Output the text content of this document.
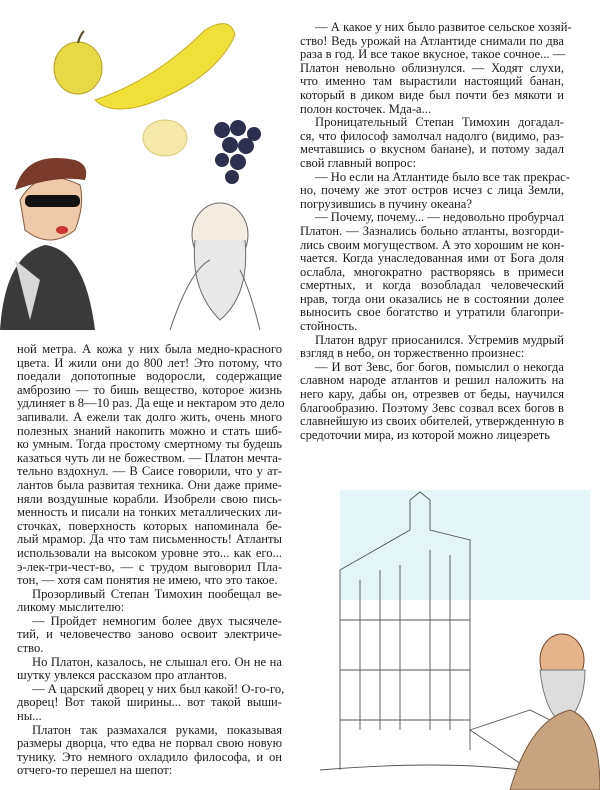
ной метра. А кожа у них была медно-красного
цвета. И жили они до 800 лет! Это потому, что
поедали допотопные водоросли, содержащие
амброзию — то бишь вещество, которое жизнь
удлиняет в 8—10 раз. Да еще и нектаром это дело
запивали. А ежели так долго жить, очень много
полезных знаний накопить можно и стать шиб-
ко умным. Тогда простому смертному ты будешь
казаться чуть ли не божеством. — Платон мечта-
тельно вздохнул. — В Саисе говорили, что у ат-
лантов была развитая техника. Они даже приме-
няли воздушные корабли. Изобрели свою пись-
менность и писали на тонких металлических ли-
сточках, поверхность которых напоминала бе-
лый мрамор. Да что там письменность! Атланты
использовали на высоком уровне это... как его...
э-лек-три-чест-во, — с трудом выговорил Пла-
тон, — хотя сам понятия не имею, что это такое.
Прозорливый Степан Тимохин пообещал ве-
ликому мыслителю:
— Пройдет немногим более двух тысячеле-
тий, и человечество заново освоит электриче-
ство.
Но Платон, казалось, не слышал его. Он не на
шутку увлекся рассказом про атлантов.
— А царский дворец у них был какой! О-го-го,
дворец! Вот такой ширины... вот такой выши-
ны...
Платон так размахался руками, показывая
размеры дворца, что едва не порвал свою новую
тунику. Это немного охладило философа, и он
отчего-то перешел на шепот:
— А какое у них было развитое сельское хозяй-
ство! Ведь урожай на Атлантиде снимали по два
раза в год. И все такое вкусное, такое сочное... —
Платон невольно облизнулся. — Ходят слухи,
что именно там вырастили настоящий банан,
который в диком виде был почти без мякоти и
полон косточек. Мда-а...
Проницательный Степан Тимохин догадал-
ся, что философ замолчал надолго (видимо, раз-
мечтавшись о вкусном банане), и потому задал
свой главный вопрос:
— Но если на Атлантиде было все так прекрас-
но, почему же этот остров исчез с лица Земли,
погрузившись в пучину океана?
— Почему, почему... — недовольно пробурчал
Платон. — Зазнались больно атланты, возгорди-
лись своим могуществом. А это хорошим не кон-
чается. Когда унаследованная ими от Бога доля
ослабла, многократно растворяясь в примеси
смертных, и когда возобладал человеческий
нрав, тогда они оказались не в состоянии долее
выносить свое богатство и утратили благопри-
стойность.
Платон вдруг приосанился. Устремив мудрый
взгляд в небо, он торжественно произнес:
— И вот Зевс, бог богов, помыслил о некогда
славном народе атлантов и решил наложить на
него кару, дабы он, отрезвев от беды, научился
благообразию. Поэтому Зевс созвал всех богов в
славнейшую из своих обителей, утвержденную в
средоточии мира, из которой можно лицезреть
